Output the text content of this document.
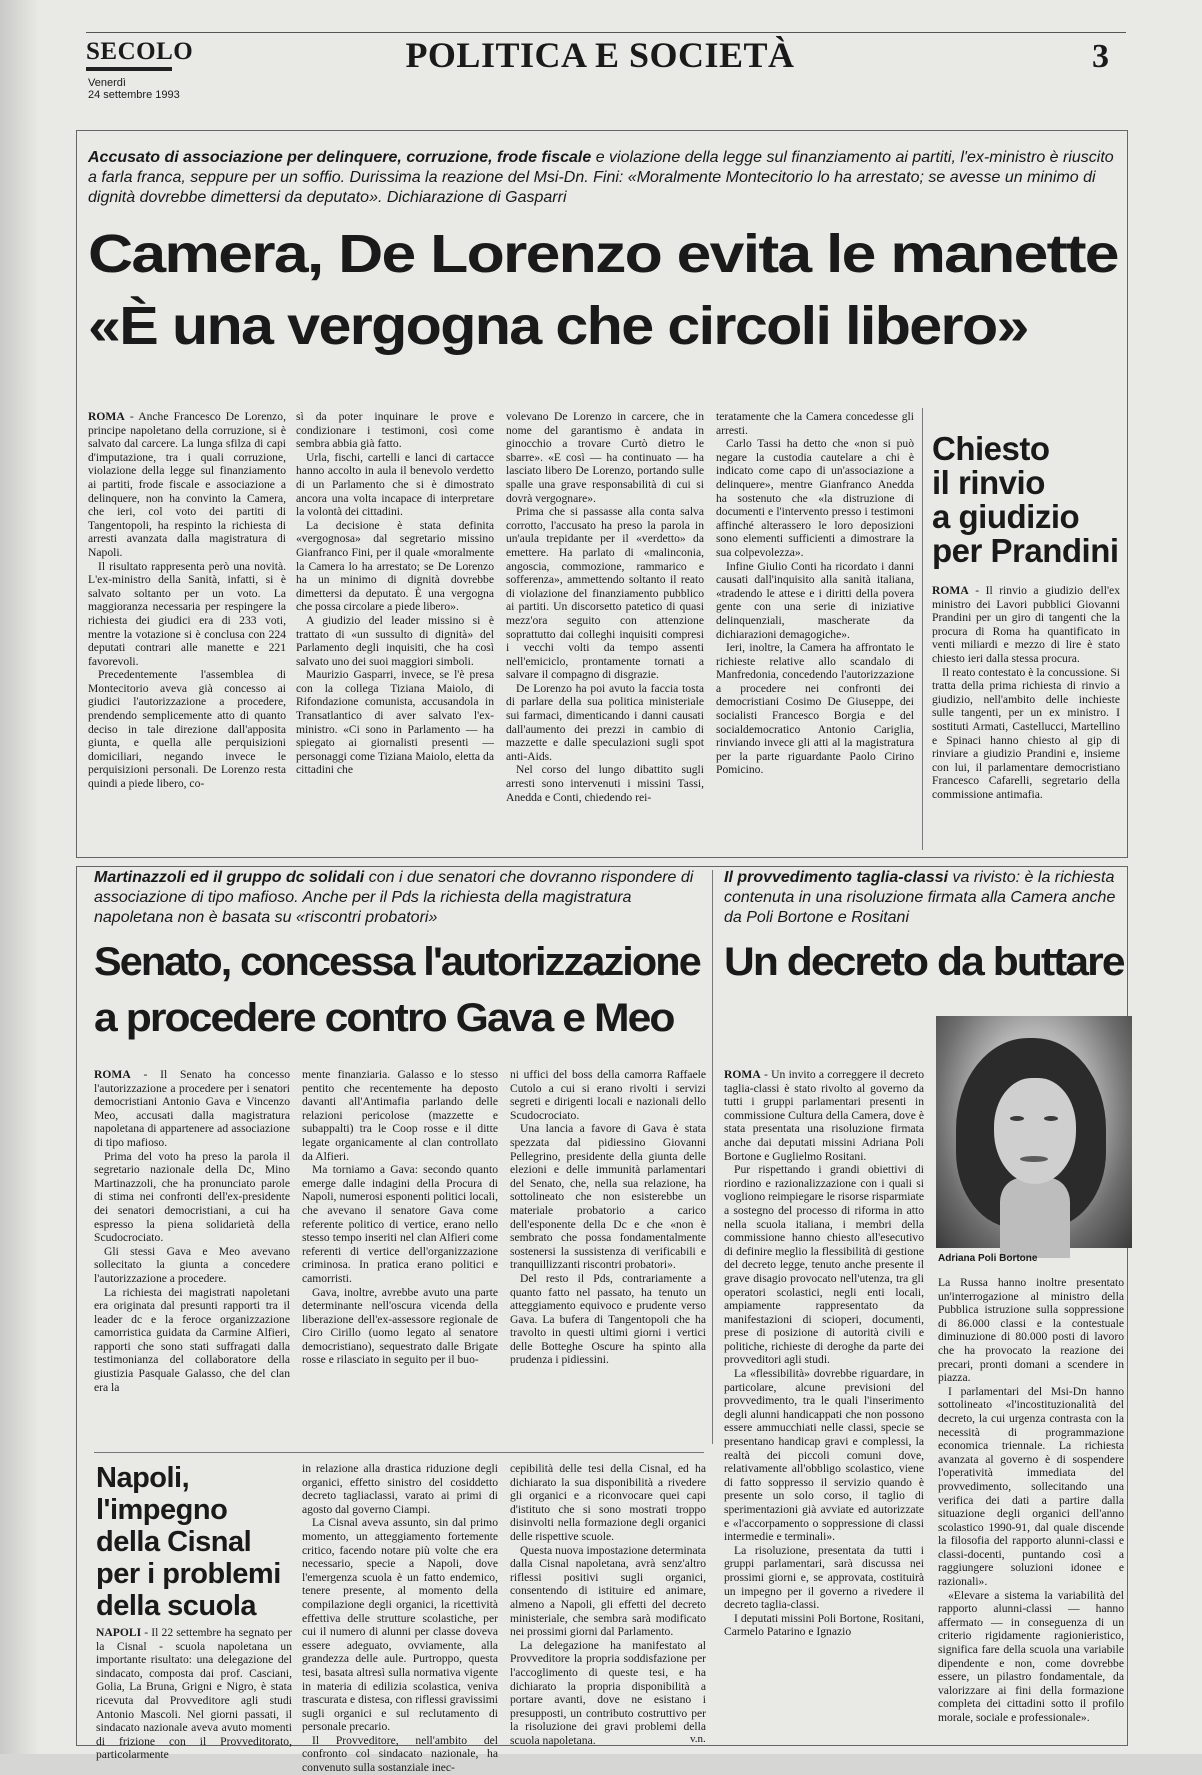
SECOLO
Venerdì
24 settembre 1993
POLITICA E SOCIETÀ	3
Accusato di associazione per delinquere, corruzione, frode fiscale e violazione della legge sul finanziamento ai partiti, l'ex-ministro è riuscito a farla franca, seppure per un soffio. Durissima la reazione del Msi-Dn. Fini: «Moralmente Montecitorio lo ha arrestato; se avesse un minimo di dignità dovrebbe dimettersi da deputato». Dichiarazione di Gasparri
Camera, De Lorenzo evita le manette
«È una vergogna che circoli libero»

ROMA - Anche Francesco De Lorenzo, principe napoletano della corruzione, si è salvato dal carcere. La lunga sfilza di capi d'imputazione, tra i quali corruzione, violazione della legge sul finanziamento ai partiti, frode fiscale e associazione a delinquere, non ha convinto la Camera, che ieri, col voto dei partiti di Tangentopoli, ha respinto la richiesta di arresti avanzata dalla magistratura di Napoli.

Il risultato rappresenta però una novità. L'ex-ministro della Sanità, infatti, si è salvato soltanto per un voto. La maggioranza necessaria per respingere la richiesta dei giudici era di 233 voti, mentre la votazione si è conclusa con 224 deputati contrari alle manette e 221 favorevoli.

Precedentemente l'assemblea di Montecitorio aveva già concesso ai giudici l'autorizzazione a procedere, prendendo semplicemente atto di quanto deciso in tale direzione dall'apposita giunta, e quella alle perquisizioni domiciliari, negando invece le perquisizioni personali. De Lorenzo resta quindi a piede libero, co-

sì da poter inquinare le prove e condizionare i testimoni, così come sembra abbia già fatto.

Urla, fischi, cartelli e lanci di cartacce hanno accolto in aula il benevolo verdetto di un Parlamento che si è dimostrato ancora una volta incapace di interpretare la volontà dei cittadini.

La decisione è stata definita «vergognosa» dal segretario missino Gianfranco Fini, per il quale «moralmente la Camera lo ha arrestato; se De Lorenzo ha un minimo di dignità dovrebbe dimettersi da deputato. È una vergogna che possa circolare a piede libero».

A giudizio del leader missino si è trattato di «un sussulto di dignità» del Parlamento degli inquisiti, che ha così salvato uno dei suoi maggiori simboli.

Maurizio Gasparri, invece, se l'è presa con la collega Tiziana Maiolo, di Rifondazione comunista, accusandola in Transatlantico di aver salvato l'ex-ministro. «Ci sono in Parlamento — ha spiegato ai giornalisti presenti — personaggi come Tiziana Maiolo, eletta da cittadini che

volevano De Lorenzo in carcere, che in nome del garantismo è andata in ginocchio a trovare Curtò dietro le sbarre». «E così — ha continuato — ha lasciato libero De Lorenzo, portando sulle spalle una grave responsabilità di cui si dovrà vergognare».

Prima che si passasse alla conta salva corrotto, l'accusato ha preso la parola in un'aula trepidante per il «verdetto» da emettere. Ha parlato di «malinconia, angoscia, commozione, rammarico e sofferenza», ammettendo soltanto il reato di violazione del finanziamento pubblico ai partiti. Un discorsetto patetico di quasi mezz'ora seguito con attenzione soprattutto dai colleghi inquisiti compresi i vecchi volti da tempo assenti nell'emiciclo, prontamente tornati a salvare il compagno di disgrazie.

De Lorenzo ha poi avuto la faccia tosta di parlare della sua politica ministeriale sui farmaci, dimenticando i danni causati dall'aumento dei prezzi in cambio di mazzette e dalle speculazioni sugli spot anti-Aids.

Nel corso del lungo dibattito sugli arresti sono intervenuti i missini Tassi, Anedda e Conti, chiedendo rei-

teratamente che la Camera concedesse gli arresti.

Carlo Tassi ha detto che «non si può negare la custodia cautelare a chi è indicato come capo di un'associazione a delinquere», mentre Gianfranco Anedda ha sostenuto che «la distruzione di documenti e l'intervento presso i testimoni affinché alterassero le loro deposizioni sono elementi sufficienti a dimostrare la sua colpevolezza».

Infine Giulio Conti ha ricordato i danni causati dall'inquisito alla sanità italiana, «tradendo le attese e i diritti della povera gente con una serie di iniziative delinquenziali, mascherate da dichiarazioni demagogiche».

Ieri, inoltre, la Camera ha affrontato le richieste relative allo scandalo di Manfredonia, concedendo l'autorizzazione a procedere nei confronti dei democristiani Cosimo De Giuseppe, dei socialisti Francesco Borgia e del socialdemocratico Antonio Cariglia, rinviando invece gli atti al la magistratura per la parte riguardante Paolo Cirino Pomicino.

Chiesto
il rinvio
a giudizio
per Prandini

ROMA - Il rinvio a giudizio dell'ex ministro dei Lavori pubblici Giovanni Prandini per un giro di tangenti che la procura di Roma ha quantificato in venti miliardi e mezzo di lire è stato chiesto ieri dalla stessa procura.

Il reato contestato è la concussione. Si tratta della prima richiesta di rinvio a giudizio, nell'ambito delle inchieste sulle tangenti, per un ex ministro. I sostituti Armati, Castellucci, Martellino e Spinaci hanno chiesto al gip di rinviare a giudizio Prandini e, insieme con lui, il parlamentare democristiano Francesco Cafarelli, segretario della commissione antimafia.

Martinazzoli ed il gruppo dc solidali con i due senatori che dovranno rispondere di associazione di tipo mafioso. Anche per il Pds la richiesta della magistratura napoletana non è basata su «riscontri probatori»
Senato, concessa l'autorizzazione
a procedere contro Gava e Meo

ROMA - Il Senato ha concesso l'autorizzazione a procedere per i senatori democristiani Antonio Gava e Vincenzo Meo, accusati dalla magistratura napoletana di appartenere ad associazione di tipo mafioso.

Prima del voto ha preso la parola il segretario nazionale della Dc, Mino Martinazzoli, che ha pronunciato parole di stima nei confronti dell'ex-presidente dei senatori democristiani, a cui ha espresso la piena solidarietà della Scudocrociato.

Gli stessi Gava e Meo avevano sollecitato la giunta a concedere l'autorizzazione a procedere.

La richiesta dei magistrati napoletani era originata dal presunti rapporti tra il leader dc e la feroce organizzazione camorristica guidata da Carmine Alfieri, rapporti che sono stati suffragati dalla testimonianza del collaboratore della giustizia Pasquale Galasso, che del clan era la

mente finanziaria. Galasso e lo stesso pentito che recentemente ha deposto davanti all'Antimafia parlando delle relazioni pericolose (mazzette e subappalti) tra le Coop rosse e il ditte legate organicamente al clan controllato da Alfieri.

Ma torniamo a Gava: secondo quanto emerge dalle indagini della Procura di Napoli, numerosi esponenti politici locali, che avevano il senatore Gava come referente politico di vertice, erano nello stesso tempo inseriti nel clan Alfieri come referenti di vertice dell'organizzazione criminosa. In pratica erano politici e camorristi.

Gava, inoltre, avrebbe avuto una parte determinante nell'oscura vicenda della liberazione dell'ex-assessore regionale de Ciro Cirillo (uomo legato al senatore democristiano), sequestrato dalle Brigate rosse e rilasciato in seguito per il buo-

ni uffici del boss della camorra Raffaele Cutolo a cui si erano rivolti i servizi segreti e dirigenti locali e nazionali dello Scudocrociato.

Una lancia a favore di Gava è stata spezzata dal pidiessino Giovanni Pellegrino, presidente della giunta delle elezioni e delle immunità parlamentari del Senato, che, nella sua relazione, ha sottolineato che non esisterebbe un materiale probatorio a carico dell'esponente della Dc e che «non è sembrato che possa fondamentalmente sostenersi la sussistenza di verificabili e tranquillizzanti riscontri probatori».

Del resto il Pds, contrariamente a quanto fatto nel passato, ha tenuto un atteggiamento equivoco e prudente verso Gava. La bufera di Tangentopoli che ha travolto in questi ultimi giorni i vertici delle Botteghe Oscure ha spinto alla prudenza i pidiessini.

Il provvedimento taglia-classi va rivisto: è la richiesta contenuta in una risoluzione firmata alla Camera anche da Poli Bortone e Rositani
Un decreto da buttare

ROMA - Un invito a correggere il decreto taglia-classi è stato rivolto al governo da tutti i gruppi parlamentari presenti in commissione Cultura della Camera, dove è stata presentata una risoluzione firmata anche dai deputati missini Adriana Poli Bortone e Guglielmo Rositani.

Pur rispettando i grandi obiettivi di riordino e razionalizzazione con i quali si vogliono reimpiegare le risorse risparmiate a sostegno del processo di riforma in atto nella scuola italiana, i membri della commissione hanno chiesto all'esecutivo di definire meglio la flessibilità di gestione del decreto legge, tenuto anche presente il grave disagio provocato nell'utenza, tra gli operatori scolastici, negli enti locali, ampiamente rappresentato da manifestazioni di scioperi, documenti, prese di posizione di autorità civili e politiche, richieste di deroghe da parte dei provveditori agli studi.

La «flessibilità» dovrebbe riguardare, in particolare, alcune previsioni del provvedimento, tra le quali l'inserimento degli alunni handicappati che non possono essere ammucchiati nelle classi, specie se presentano handicap gravi e complessi, la realtà dei piccoli comuni dove, relativamente all'obbligo scolastico, viene di fatto soppresso il servizio quando è presente un solo corso, il taglio di sperimentazioni già avviate ed autorizzate e «l'accorpamento o soppressione di classi intermedie e terminali».

La risoluzione, presentata da tutti i gruppi parlamentari, sarà discussa nei prossimi giorni e, se approvata, costituirà un impegno per il governo a rivedere il decreto taglia-classi.

I deputati missini Poli Bortone, Rositani, Carmelo Patarino e Ignazio

Adriana Poli Bortone

La Russa hanno inoltre presentato un'interrogazione al ministro della Pubblica istruzione sulla soppressione di 86.000 classi e la contestuale diminuzione di 80.000 posti di lavoro che ha provocato la reazione dei precari, pronti domani a scendere in piazza.

I parlamentari del Msi-Dn hanno sottolineato «l'incostituzionalità del decreto, la cui urgenza contrasta con la necessità di programmazione economica triennale. La richiesta avanzata al governo è di sospendere l'operatività immediata del provvedimento, sollecitando una verifica dei dati a partire dalla situazione degli organici dell'anno scolastico 1990-91, dal quale discende la filosofia del rapporto alunni-classi e classi-docenti, puntando così a raggiungere soluzioni idonee e razionali».

«Elevare a sistema la variabilità del rapporto alunni-classi — hanno affermato — in conseguenza di un criterio rigidamente ragionieristico, significa fare della scuola una variabile dipendente e non, come dovrebbe essere, un pilastro fondamentale, da valorizzare ai fini della formazione completa dei cittadini sotto il profilo morale, sociale e professionale».

Napoli,
l'impegno
della Cisnal
per i problemi
della scuola

NAPOLI - Il 22 settembre ha segnato per la Cisnal - scuola napoletana un importante risultato: una delegazione del sindacato, composta dai prof. Casciani, Golia, La Bruna, Grigni e Nigro, è stata ricevuta dal Provveditore agli studi Antonio Mascoli. Nel giorni passati, il sindacato nazionale aveva avuto momenti di frizione con il Provveditorato, particolarmente

in relazione alla drastica riduzione degli organici, effetto sinistro del cosiddetto decreto tagliaclassi, varato ai primi di agosto dal governo Ciampi.

La Cisnal aveva assunto, sin dal primo momento, un atteggiamento fortemente critico, facendo notare più volte che era necessario, specie a Napoli, dove l'emergenza scuola è un fatto endemico, tenere presente, al momento della compilazione degli organici, la ricettività effettiva delle strutture scolastiche, per cui il numero di alunni per classe doveva essere adeguato, ovviamente, alla grandezza delle aule. Purtroppo, questa tesi, basata altresì sulla normativa vigente in materia di edilizia scolastica, veniva trascurata e distesa, con riflessi gravissimi sugli organici e sul reclutamento di personale precario.

Il Provveditore, nell'ambito del confronto col sindacato nazionale, ha convenuto sulla sostanziale inec-

cepibilità delle tesi della Cisnal, ed ha dichiarato la sua disponibilità a rivedere gli organici e a riconvocare quei capi d'istituto che si sono mostrati troppo disinvolti nella formazione degli organici delle rispettive scuole.

Questa nuova impostazione determinata dalla Cisnal napoletana, avrà senz'altro riflessi positivi sugli organici, consentendo di istituire ed animare, almeno a Napoli, gli effetti del decreto ministeriale, che sembra sarà modificato nei prossimi giorni dal Parlamento.

La delegazione ha manifestato al Provveditore la propria soddisfazione per l'accoglimento di queste tesi, e ha dichiarato la propria disponibilità a portare avanti, dove ne esistano i presupposti, un contributo costruttivo per la risoluzione dei gravi problemi della scuola napoletana.	v.n.
